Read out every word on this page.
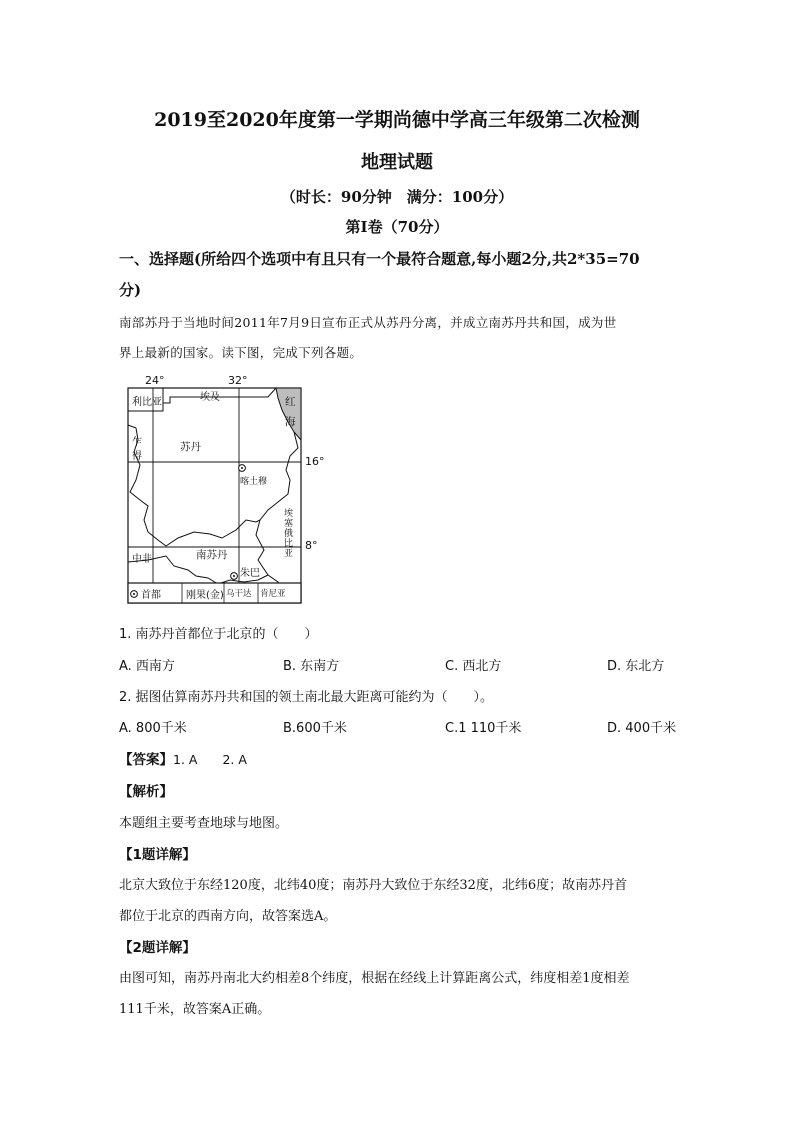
2019至2020年度第一学期尚德中学高三年级第二次检测
地理试题
（时长：90分钟　满分：100分）
第Ⅰ卷（70分）
一、选择题(所给四个选项中有且只有一个最符合题意,每小题2分,共2*35=70
分)
南部苏丹于当地时间2011年7月9日宣布正式从苏丹分离，并成立南苏丹共和国，成为世
界上最新的国家。读下图，完成下列各题。
24°	32°
16°
8°
利比亚	埃及	红
海
乍
得
苏丹
喀土穆
埃
塞
俄
比
亚
中非	南苏丹
朱巴
首都	刚果(金) 乌干达 肯尼亚
1. 南苏丹首都位于北京的（　　）
A. 西南方	B. 东南方	C. 西北方	D. 东北方
2. 据图估算南苏丹共和国的领土南北最大距离可能约为（　　）。
A. 800千米	B.600千米	C.1 110千米	D. 400千米
【答案】1. A　　2. A
【解析】
本题组主要考查地球与地图。
【1题详解】
北京大致位于东经120度，北纬40度；南苏丹大致位于东经32度，北纬6度；故南苏丹首
都位于北京的西南方向，故答案选A。
【2题详解】
由图可知，南苏丹南北大约相差8个纬度，根据在经线上计算距离公式，纬度相差1度相差
111千米，故答案A正确。
